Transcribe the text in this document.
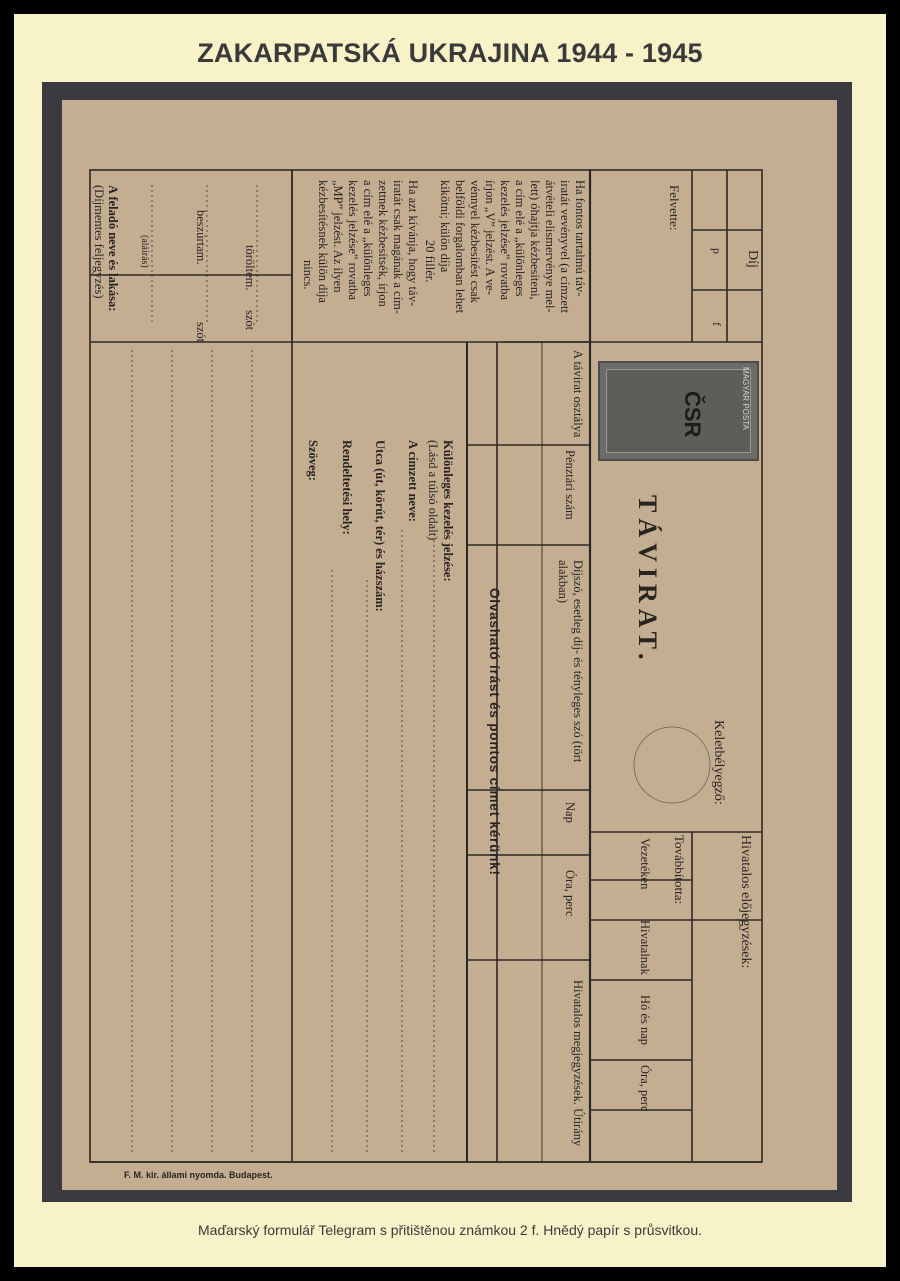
ZAKARPATSKÁ UKRAJINA 1944 - 1945
Maďarský formulář Telegram s přitištěnou známkou 2 f. Hnědý papír s průsvitkou.
TÁVIRAT.
MAGYAR POSTA
ČSR
Díj
p
f
Felvette:
Keletbélyegző:
Hivatalos előjegyzések:
Továbbította:
Vezetéken
Hivatalnak
Hó és nap
Óra, perc
A távirat osztálya
Pénztári szám
Díjszó, esetleg díj- és tényleges szó (tört alakban)
Nap
Óra, perc
Hivatalos megjegyzések. Útirány
Olvasható írást és pontos címet kérünk!
Különleges kezelés jelzése:
(Lásd a túlsó oldalt)
A címzett neve:
Utca (út, körút, tér) és házszám:
Rendeltetési hely:
Szöveg:
Ha fontos tartalmú táv-
iratát vevényvel (a címzett
átvételi elismervénye mel-
lett) óhajtja kézbesíteni,
a cím elé a „különleges
kezelés jelzése” rovatba
írjon „V” jelzést. A ve-
vénnyel kézbesítést csak
belföldi forgalomban lehet
kikötni; külön díja
20 fillér.
Ha azt kívánja, hogy táv-
iratát csak magának a cím-
zettnek kézbesítsék, írjon
a cím elé a „különleges
kezelés jelzése” rovatba
„MP” jelzést. Az ilyen
kézbesítésnek külön díja
nincs.
töröltem.
szót
beszúrtam.
szót
(aláírás)
A feladó neve és lakása:
(Díjmentes feljegyzés)
F. M. kir. állami nyomda. Budapest.
